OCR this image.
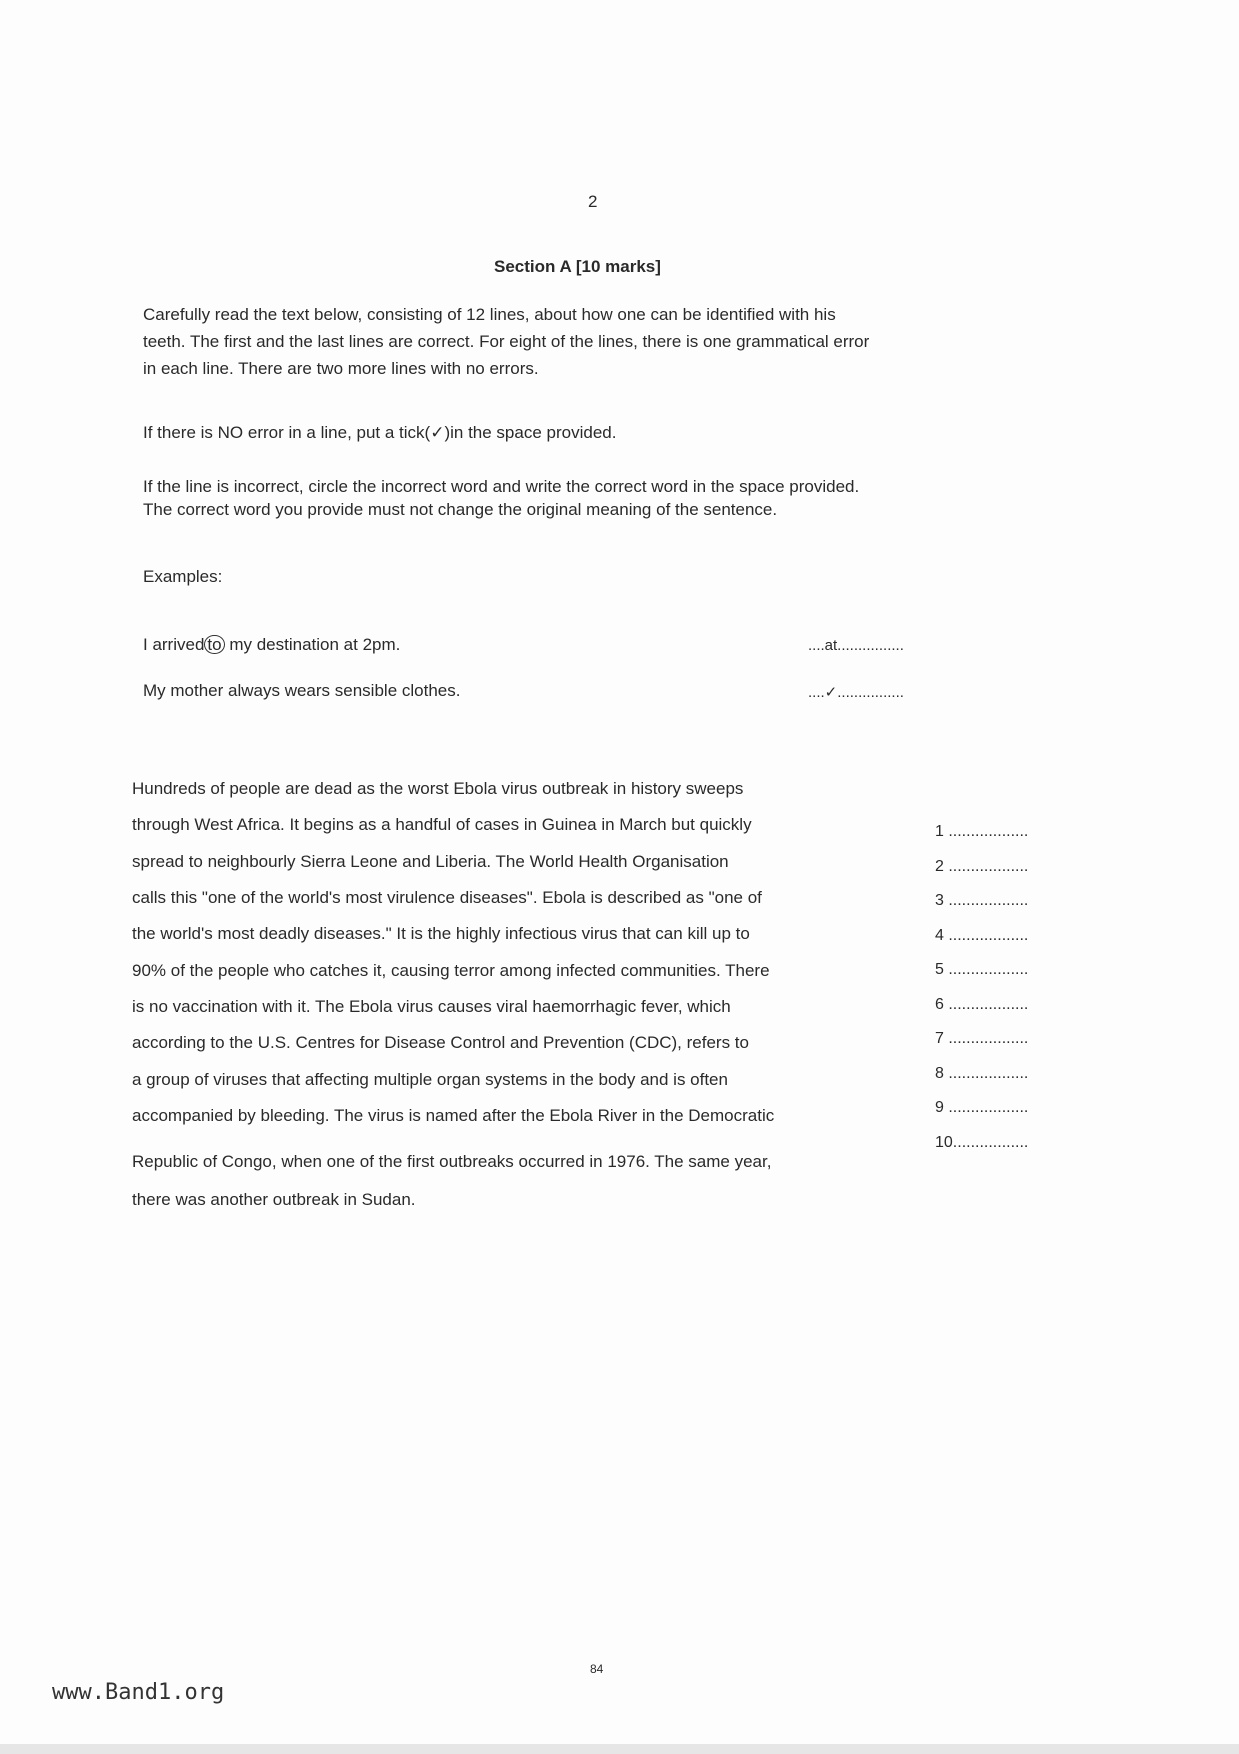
2
Section A [10 marks]
Carefully read the text below, consisting of 12 lines, about how one can be identified with his
teeth. The first and the last lines are correct. For eight of the lines, there is one grammatical error
in each line. There are two more lines with no errors.
If there is NO error in a line, put a tick(✓)in the space provided.
If the line is incorrect, circle the incorrect word and write the correct word in the space provided.
The correct word you provide must not change the original meaning of the sentence.
Examples:
I arrived to my destination at 2pm.	....at................
My mother always wears sensible clothes.	....✓................
Hundreds of people are dead as the worst Ebola virus outbreak in history sweeps
through West Africa. It begins as a handful of cases in Guinea in March but quickly
spread to neighbourly Sierra Leone and Liberia. The World Health Organisation
calls this "one of the world's most virulence diseases". Ebola is described as "one of
the world's most deadly diseases." It is the highly infectious virus that can kill up to
90% of the people who catches it, causing terror among infected communities. There
is no vaccination with it. The Ebola virus causes viral haemorrhagic fever, which
according to the U.S. Centres for Disease Control and Prevention (CDC), refers to
a group of viruses that affecting multiple organ systems in the body and is often
accompanied by bleeding. The virus is named after the Ebola River in the Democratic
Republic of Congo, when one of the first outbreaks occurred in 1976. The same year,
there was another outbreak in Sudan.
1 ..................
2 ..................
3 ..................
4 ..................
5 ..................
6 ..................
7 ..................
8 ..................
9 ..................
10.................
84
www.Band1.org
